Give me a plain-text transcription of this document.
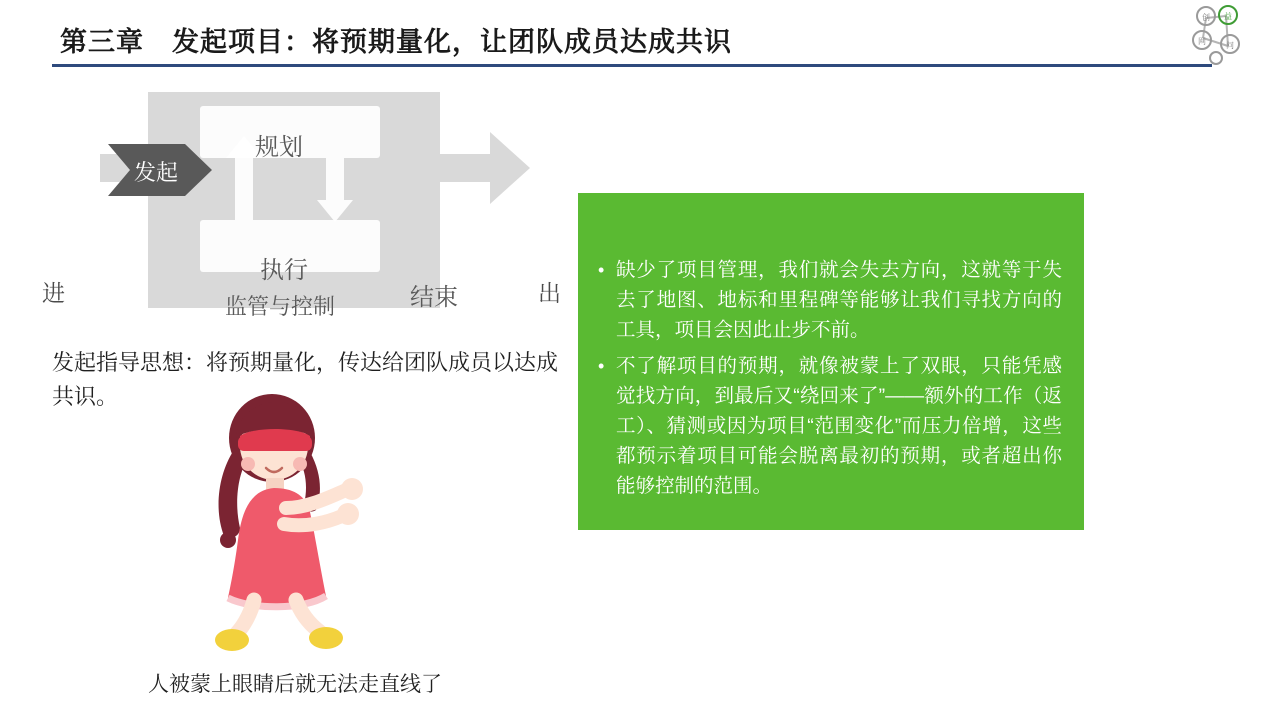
第三章　发起项目：将预期量化，让团队成员达成共识
创 益
网	问
进	出
发起
规划
执行
结束
监管与控制
发起指导思想：将预期量化，传达给团队成员以达成共识。
人被蒙上眼睛后就无法走直线了
• 缺少了项目管理，我们就会失去方向，这就等于失去了地图、地标和里程碑等能够让我们寻找方向的工具，项目会因此止步不前。
• 不了解项目的预期，就像被蒙上了双眼，只能凭感觉找方向，到最后又“绕回来了”——额外的工作（返工）、猜测或因为项目“范围变化”而压力倍增，这些都预示着项目可能会脱离最初的预期，或者超出你能够控制的范围。
